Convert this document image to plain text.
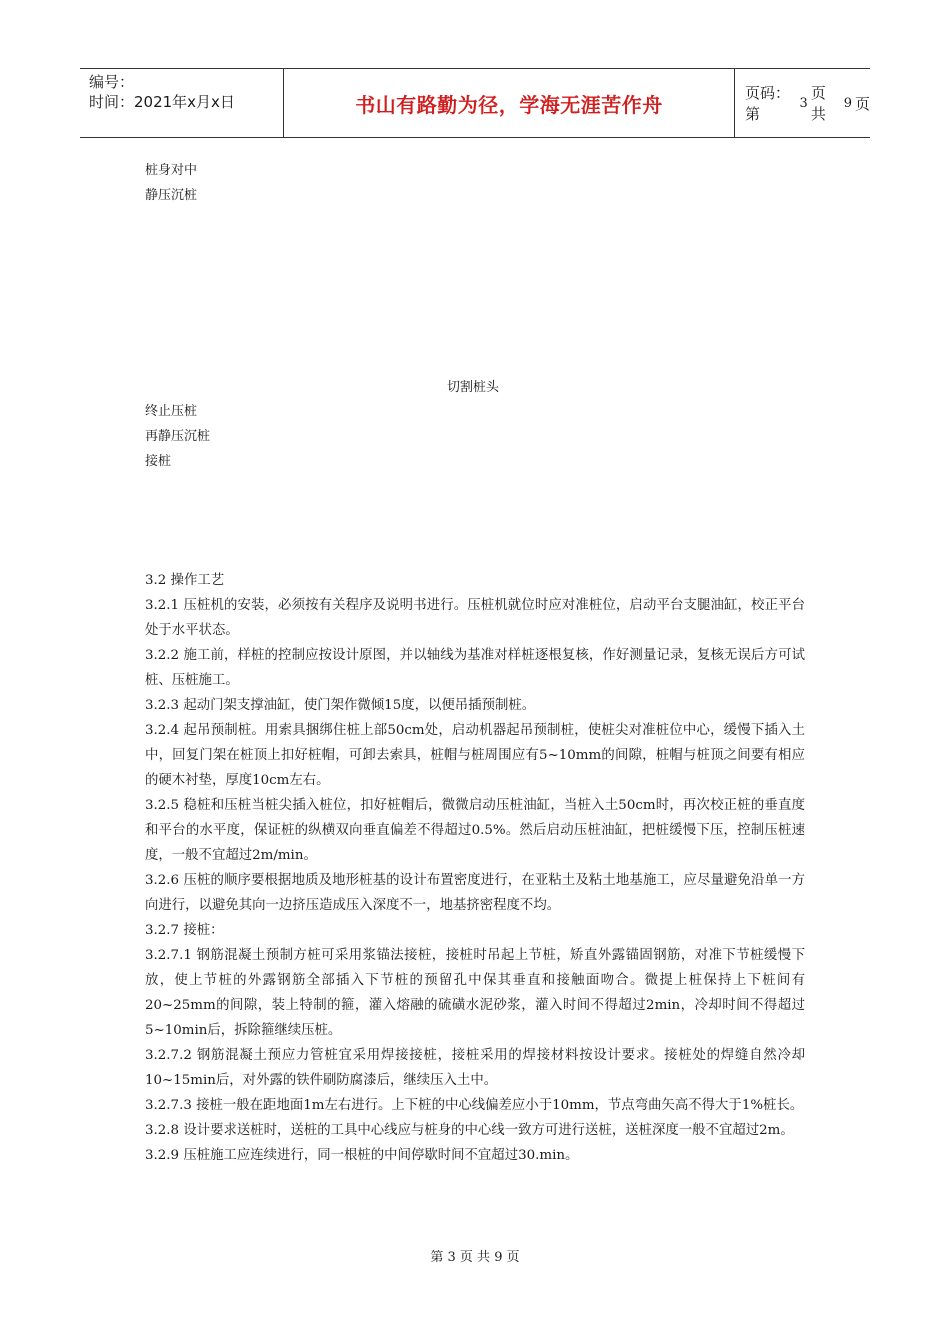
编号：
时间：2021年x月x日	书山有路勤为径，学海无涯苦作舟	页码：第
3
页 共
9 页
桩身对中
静压沉桩
切割桩头
终止压桩
再静压沉桩
接桩

3.2 操作工艺

3.2.1 压桩机的安装，必须按有关程序及说明书进行。压桩机就位时应对准桩位，启动平台支腿油缸，校正平台处于水平状态。

3.2.2 施工前，样桩的控制应按设计原图，并以轴线为基准对样桩逐根复核，作好测量记录，复核无误后方可试桩、压桩施工。

3.2.3 起动门架支撑油缸，使门架作微倾15度，以便吊插预制桩。

3.2.4 起吊预制桩。用索具捆绑住桩上部50cm处，启动机器起吊预制桩，使桩尖对准桩位中心，缓慢下插入土中，回复门架在桩顶上扣好桩帽，可卸去索具，桩帽与桩周围应有5~10mm的间隙，桩帽与桩顶之间要有相应的硬木衬垫，厚度10cm左右。

3.2.5 稳桩和压桩当桩尖插入桩位，扣好桩帽后，微微启动压桩油缸，当桩入土50cm时，再次校正桩的垂直度和平台的水平度，保证桩的纵横双向垂直偏差不得超过0.5%。然后启动压桩油缸，把桩缓慢下压，控制压桩速度，一般不宜超过2m/min。

3.2.6 压桩的顺序要根据地质及地形桩基的设计布置密度进行，在亚粘土及粘土地基施工，应尽量避免沿单一方向进行，以避免其向一边挤压造成压入深度不一，地基挤密程度不均。

3.2.7 接桩：

3.2.7.1 钢筋混凝土预制方桩可采用浆锚法接桩，接桩时吊起上节桩，矫直外露锚固钢筋，对准下节桩缓慢下放，使上节桩的外露钢筋全部插入下节桩的预留孔中保其垂直和接触面吻合。微提上桩保持上下桩间有20~25mm的间隙，装上特制的箍，灌入熔融的硫磺水泥砂浆，灌入时间不得超过2min，冷却时间不得超过5~10min后，拆除箍继续压桩。

3.2.7.2 钢筋混凝土预应力管桩宜采用焊接接桩，接桩采用的焊接材料按设计要求。接桩处的焊缝自然冷却10~15min后，对外露的铁件刷防腐漆后，继续压入土中。

3.2.7.3 接桩一般在距地面1m左右进行。上下桩的中心线偏差应小于10mm，节点弯曲矢高不得大于1%桩长。

3.2.8 设计要求送桩时，送桩的工具中心线应与桩身的中心线一致方可进行送桩，送桩深度一般不宜超过2m。

3.2.9 压桩施工应连续进行，同一根桩的中间停歇时间不宜超过30.min。

第 3 页 共 9 页
